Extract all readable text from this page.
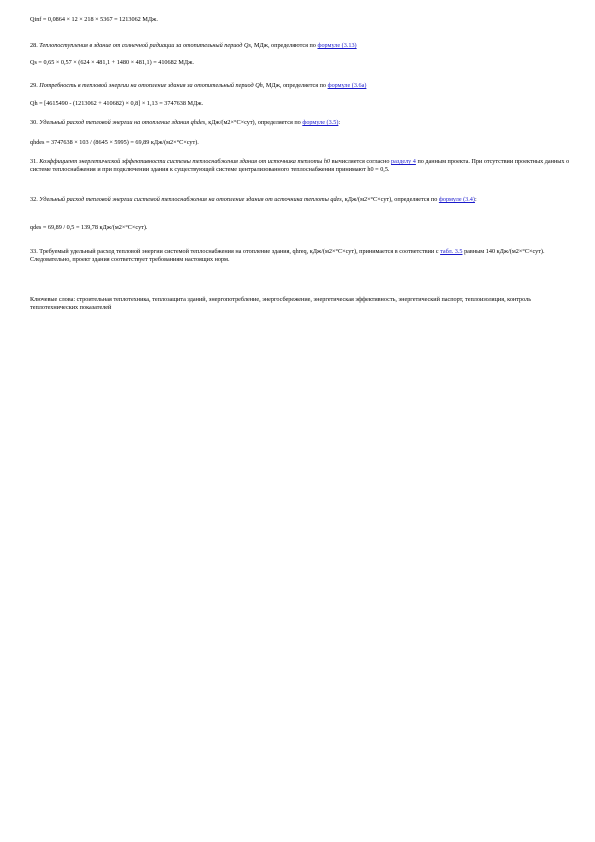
Qinf = 0,0864 × 12 × 218 × 5367 = 1213062 МДж.

28. Теплопоступления в здание от солнечной радиации за отопительный период Qs, МДж, определяются по формуле (3.13)

Qs = 0,65 × 0,57 × (624 × 481,1 + 1480 × 481,1) = 410682 МДж.

29. Потребность в тепловой энергии на отопление здания за отопительный период Qh, МДж, определяется по формуле (3.6а)

Qh = [4615490 - (1213062 + 410682) × 0,8] × 1,13 = 3747638 МДж.

30. Удельный расход тепловой энергии на отопление здания qhdes, кДж/(м2×°С×сут), определяется по формуле (3.5):

qhdes = 3747638 × 103 / (8645 × 5995) = 69,89 кДж/(м2×°С×сут).

31. Коэффициент энергетической эффективности системы теплоснабжения здания от источника теплоты h0 вычисляется согласно разделу 4 по данным проекта. При отсутствии проектных данных о системе теплоснабжения и при подключении здания к существующей системе централизованного теплоснабжения принимают h0 = 0,5.

32. Удельный расход тепловой энергии системой теплоснабжения на отопление здания от источника теплоты qdes, кДж/(м2×°С×сут), определяется по формуле (3.4):

qdes = 69,89 / 0,5 = 139,78 кДж/(м2×°С×сут).

33. Требуемый удельный расход тепловой энергии системой теплоснабжения на отопление здания, qhreq, кДж/(м2×°С×сут), принимается в соответствии с табл. 3.5 равным 140 кДж/(м2×°С×сут). Следовательно, проект здания соответствует требованиям настоящих норм.

Ключевые слова: строительная теплотехника, теплозащита зданий, энергопотребление, энергосбережение, энергетическая эффективность, энергетический паспорт, теплоизоляция, контроль теплотехнических показателей
